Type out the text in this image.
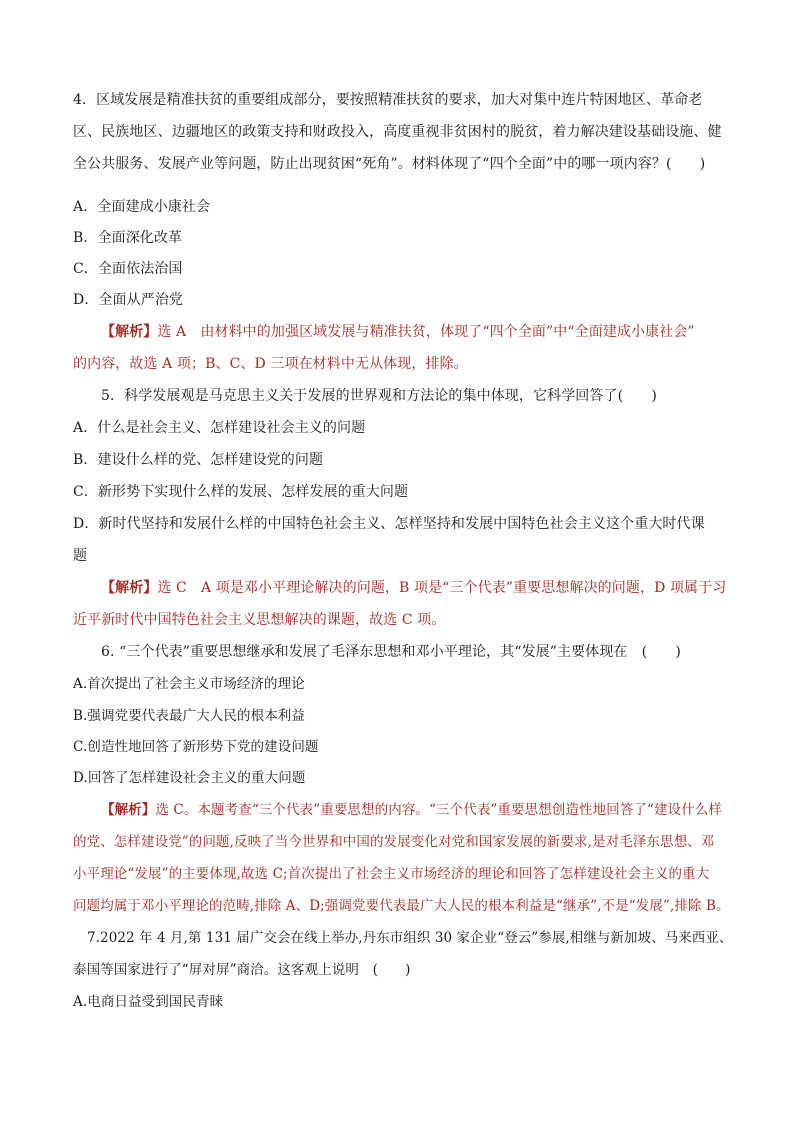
4．区域发展是精准扶贫的重要组成部分，要按照精准扶贫的要求，加大对集中连片特困地区、革命老
区、民族地区、边疆地区的政策支持和财政投入，高度重视非贫困村的脱贫，着力解决建设基础设施、健
全公共服务、发展产业等问题，防止出现贫困“死角”。材料体现了“四个全面”中的哪一项内容？(　　)
A．全面建成小康社会
B．全面深化改革
C．全面依法治国
D．全面从严治党
【解析】选 A　由材料中的加强区域发展与精准扶贫，体现了“四个全面”中“全面建成小康社会”
的内容，故选 A 项；B、C、D 三项在材料中无从体现，排除。
5．科学发展观是马克思主义关于发展的世界观和方法论的集中体现，它科学回答了(　　)
A．什么是社会主义、怎样建设社会主义的问题
B．建设什么样的党、怎样建设党的问题
C．新形势下实现什么样的发展、怎样发展的重大问题
D．新时代坚持和发展什么样的中国特色社会主义、怎样坚持和发展中国特色社会主义这个重大时代课
题
【解析】选 C　A 项是邓小平理论解决的问题，B 项是“三个代表”重要思想解决的问题，D 项属于习
近平新时代中国特色社会主义思想解决的课题，故选 C 项。
6. “三个代表”重要思想继承和发展了毛泽东思想和邓小平理论，其“发展”主要体现在　(　　)
A.首次提出了社会主义市场经济的理论
B.强调党要代表最广大人民的根本利益
C.创造性地回答了新形势下党的建设问题
D.回答了怎样建设社会主义的重大问题
【解析】选 C。本题考查“三个代表”重要思想的内容。“三个代表”重要思想创造性地回答了“建设什么样
的党、怎样建设党”的问题,反映了当今世界和中国的发展变化对党和国家发展的新要求,是对毛泽东思想、邓
小平理论“发展”的主要体现,故选 C;首次提出了社会主义市场经济的理论和回答了怎样建设社会主义的重大
问题均属于邓小平理论的范畴,排除 A、D;强调党要代表最广大人民的根本利益是“继承”,不是“发展”,排除 B。
7.2022 年 4 月,第 131 届广交会在线上举办,丹东市组织 30 家企业“登云”参展,相继与新加坡、马来西亚、
泰国等国家进行了“屏对屏”商洽。这客观上说明　(　　)
A.电商日益受到国民青睐
